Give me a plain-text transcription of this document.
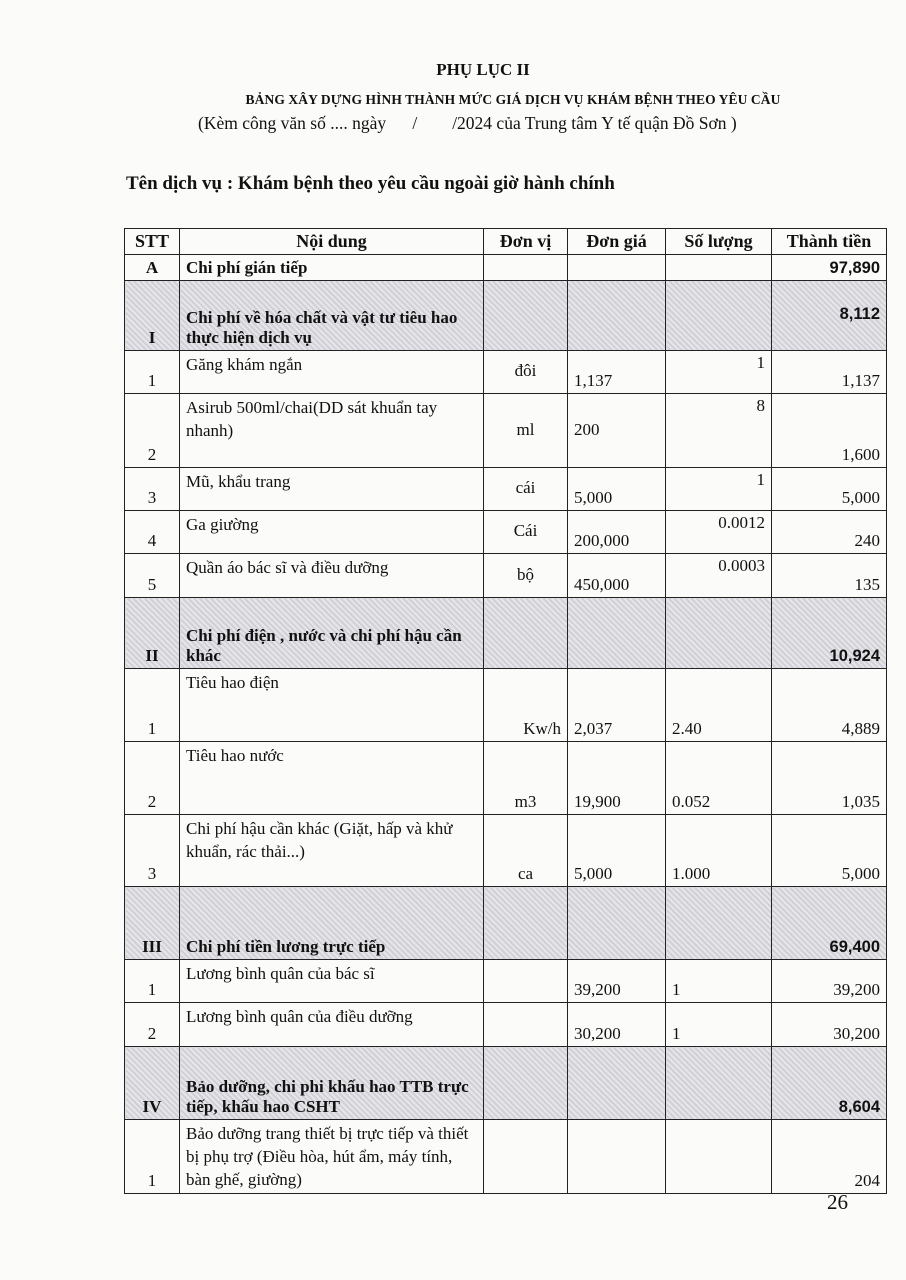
PHỤ LỤC II
BẢNG XÂY DỰNG HÌNH THÀNH MỨC GIÁ DỊCH VỤ KHÁM BỆNH THEO YÊU CẦU
(Kèm công văn số .... ngày      /        /2024 của Trung tâm Y tế quận Đồ Sơn )
Tên dịch vụ : Khám bệnh theo yêu cầu ngoài giờ hành chính
STT	Nội dung	Đơn vị	Đơn giá	Số lượng	Thành tiền
A	Chi phí gián tiếp				97,890
I	Chi phí về hóa chất và vật tư tiêu hao thực hiện dịch vụ				8,112
1	Găng khám ngắn	đôi	1,137	1	1,137
2	Asirub 500ml/chai(DD sát khuẩn tay nhanh)	ml	200	8	1,600
3	Mũ, khẩu trang	cái	5,000	1	5,000
4	Ga giường	Cái	200,000	0.0012	240
5	Quần áo bác sĩ và điều dưỡng	bộ	450,000	0.0003	135
II	Chi phí điện , nước và chi phí hậu cần khác				10,924
1	Tiêu hao điện	Kw/h	2,037	2.40	4,889
2	Tiêu hao nước	m3	19,900	0.052	1,035
3	Chi phí hậu cần khác (Giặt, hấp và khử khuẩn, rác thải...)	ca	5,000	1.000	5,000
III	Chi phí tiền lương trực tiếp				69,400
1	Lương bình quân của bác sĩ		39,200	1	39,200
2	Lương bình quân của điều dưỡng		30,200	1	30,200
IV	Bảo dưỡng, chi phi khấu hao TTB trực tiếp, khấu hao CSHT				8,604
1	Bảo dưỡng trang thiết bị trực tiếp và thiết bị phụ trợ (Điều hòa, hút ẩm, máy tính, bàn ghế, giường)				204
26
